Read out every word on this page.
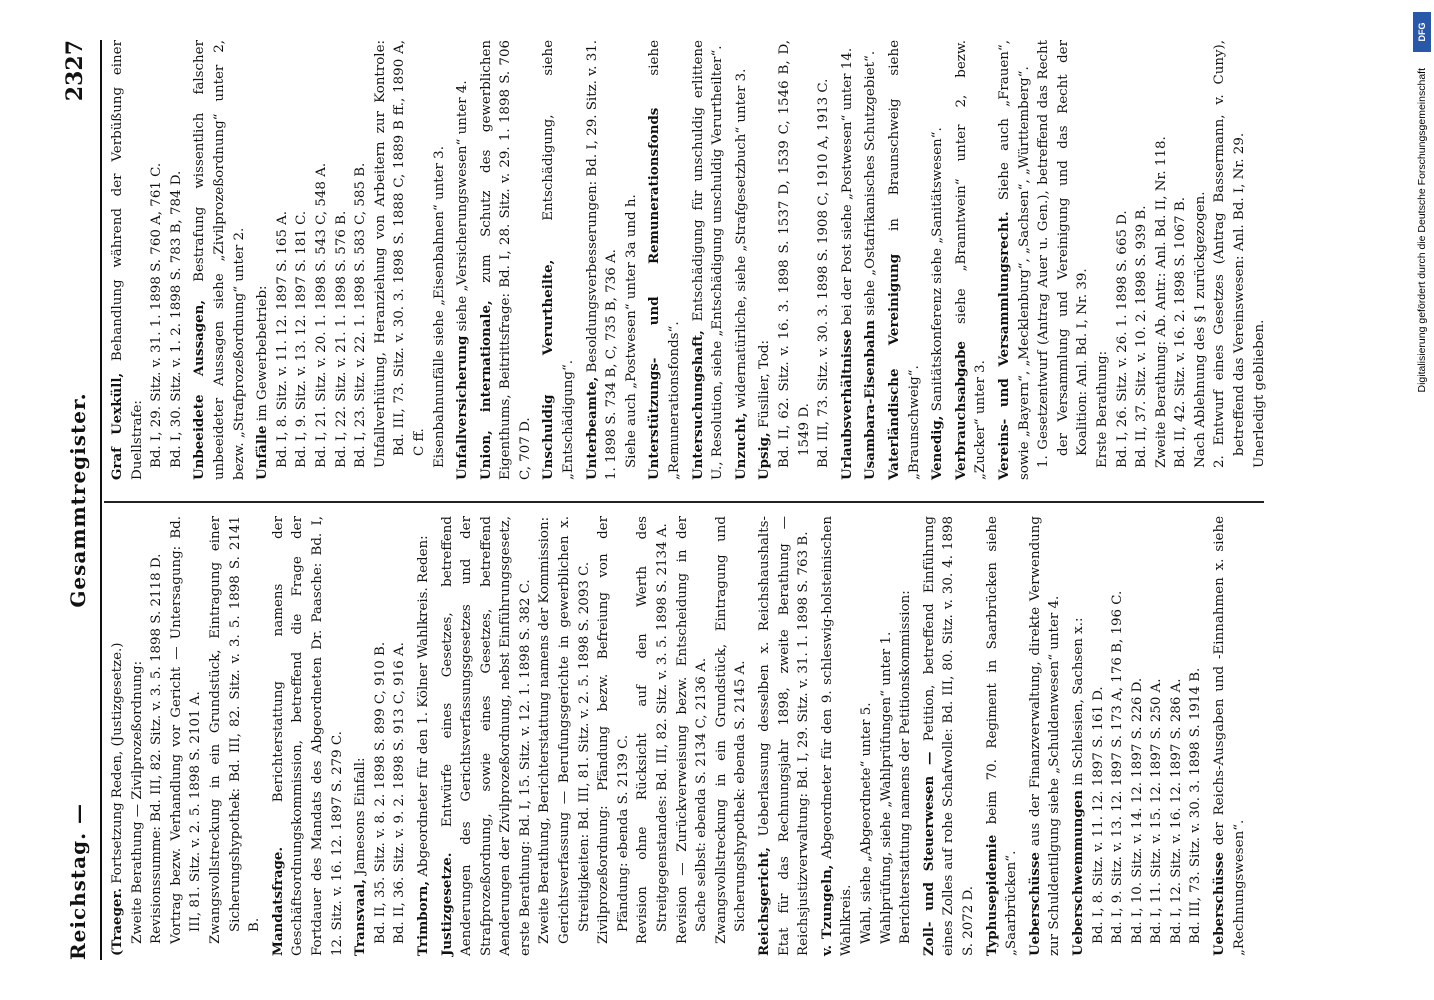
Reichstag. —
Gesammtregister.
2327
(Traeger. Fortsetzung Reden, (Justizgesetze.) Zweite Berathung — Zivilprozeßordnung: Revisionssumme: Bd. III, 82. Sitz. v. 3. 5. 1898 S. 2118 D. Vortrag bezw. Verhandlung vor Gericht — Untersagung: Bd. III, 81. Sitz. v. 2. 5. 1898 S. 2101 A. Zwangsvollstreckung in ein Grundstück, Eintragung einer Sicherungshypothek: Bd. III, 82. Sitz. v. 3. 5. 1898 S. 2141 B. Mandatsfrage. Berichterstattung namens der Geschäftsordnungskommission, betreffend die Frage der Fortdauer des Mandats des Abgeordneten Dr. Paasche: Bd. I, 12. Sitz. v. 16. 12. 1897 S. 279 C. Transvaal, Jamesons Einfall: Bd. II, 35. Sitz. v. 8. 2. 1898 S. 899 C, 910 B. Bd. II, 36. Sitz. v. 9. 2. 1898 S. 913 C, 916 A. Trimborn, Abgeordneter für den 1. Kölner Wahlkreis. Reden:
Justizgesetze. Entwürfe eines Gesetzes, betreffend Aenderungen des Gerichtsverfassungsgesetzes und der Strafprozeßordnung, sowie eines Gesetzes, betreffend Aenderungen der Zivilprozeßordnung, nebst Einführungsgesetz, erste Berathung: Bd. I, 15. Sitz. v. 12. 1. 1898 S. 382 C. Zweite Berathung, Berichterstattung namens der Kommission: Gerichtsverfassung — Berufungsgerichte in gewerblichen x. Streitigkeiten: Bd. III, 81. Sitz. v. 2. 5. 1898 S. 2093 C. Zivilprozeßordnung: Pfändung bezw. Befreiung von der Pfändung: ebenda S. 2139 C. Revision ohne Rücksicht auf den Werth des Streitgegenstandes: Bd. III, 82. Sitz. v. 3. 5. 1898 S. 2134 A. Revision — Zurückverweisung bezw. Entscheidung in der Sache selbst: ebenda S. 2134 C, 2136 A. Zwangsvollstreckung in ein Grundstück, Eintragung und Sicherungshypothek: ebenda S. 2145 A. Reichsgericht, Ueberlassung desselben x. Reichshaushalts-Etat für das Rechnungsjahr 1898, zweite Berathung — Reichsjustizverwaltung: Bd. I, 29. Sitz. v. 31. 1. 1898 S. 763 B. v. Tzungeln, Abgeordneter für den 9. schleswig-holsteinischen Wahlkreis. Wahl, siehe „Abgeordnete“ unter 5. Wahlprüfung, siehe „Wahlprüfungen“ unter 1. Berichterstattung namens der Petitionskommission: Zoll- und Steuerwesen — Petition, betreffend Einführung eines Zolles auf rohe Schafwolle: Bd. III, 80. Sitz. v. 30. 4. 1898 S. 2072 D. Typhusepidemie beim 70. Regiment in Saarbrücken siehe „Saarbrücken“. Ueberschüsse aus der Finanzverwaltung, direkte Verwendung zur Schuldentilgung siehe „Schuldenwesen“ unter 4. Ueberschwemmungen in Schlesien, Sachsen x.: Bd. I, 8. Sitz. v. 11. 12. 1897 S. 161 D. Bd. I, 9. Sitz. v. 13. 12. 1897 S. 173 A, 176 B, 196 C. Bd. I, 10. Sitz. v. 14. 12. 1897 S. 226 D. Bd. I, 11. Sitz. v. 15. 12. 1897 S. 250 A. Bd. I, 12. Sitz. v. 16. 12. 1897 S. 286 A. Bd. III, 73. Sitz. v. 30. 3. 1898 S. 1914 B. Ueberschüsse der Reichs-Ausgaben und -Einnahmen x. siehe „Rechnungswesen“.
Graf Uexküll, Behandlung während der Verbüßung einer Duellstrafe: Bd. I, 29. Sitz. v. 31. 1. 1898 S. 760 A, 761 C. Bd. I, 30. Sitz. v. 1. 2. 1898 S. 783 B, 784 D. Unbeeidete Aussagen, Bestrafung wissentlich falscher unbeeideter Aussagen siehe „Zivilprozeßordnung“ unter 2, bezw. „Strafprozeßordnung“ unter 2. Unfälle im Gewerbebetrieb: Bd. I, 8. Sitz. v. 11. 12. 1897 S. 165 A. Bd. I, 9. Sitz. v. 13. 12. 1897 S. 181 C. Bd. I, 21. Sitz. v. 20. 1. 1898 S. 543 C, 548 A. Bd. I, 22. Sitz. v. 21. 1. 1898 S. 576 B. Bd. I, 23. Sitz. v. 22. 1. 1898 S. 583 C, 585 B. Unfallverhütung, Heranziehung von Arbeitern zur Kontrole: Bd. III, 73. Sitz. v. 30. 3. 1898 S. 1888 C, 1889 B ff., 1890 A, C ff. Eisenbahnunfälle siehe „Eisenbahnen“ unter 3. Unfallversicherung siehe „Versicherungswesen“ unter 4.
Union, internationale, zum Schutz des gewerblichen Eigenthums, Beitrittsfrage: Bd. I, 28. Sitz. v. 29. 1. 1898 S. 706 C, 707 D. Unschuldig Verurtheilte, Entschädigung, siehe „Entschädigung“. Unterbeamte, Besoldungsverbesserungen: Bd. I, 29. Sitz. v. 31. 1. 1898 S. 734 B, C, 735 B, 736 A. Siehe auch „Postwesen“ unter 3a und h. Unterstützungs- und Remunerationsfonds siehe „Remunerationsfonds“. Untersuchungshaft, Entschädigung für unschuldig erlittene U., Resolution, siehe „Entschädigung unschuldig Verurtheilter“. Unzucht, widernatürliche, siehe „Strafgesetzbuch“ unter 3.
Upsig, Füsilier, Tod: Bd. II, 62. Sitz. v. 16. 3. 1898 S. 1537 D, 1539 C, 1546 B, D, 1549 D. Bd. III, 73. Sitz. v. 30. 3. 1898 S. 1908 C, 1910 A, 1913 C. Urlaubsverhältnisse bei der Post siehe „Postwesen“ unter 14.
Usambara-Eisenbahn siehe „Ostafrikanisches Schutzgebiet“.
Vaterländische Vereinigung in Braunschweig siehe „Braunschweig“. Venedig, Sanitätskonferenz siehe „Sanitätswesen“. Verbrauchsabgabe siehe „Branntwein“ unter 2, bezw. „Zucker“ unter 3. Vereins- und Versammlungsrecht. Siehe auch „Frauen“, sowie „Bayern“, „Mecklenburg“, „Sachsen“, „Württemberg“. 1. Gesetzentwurf (Antrag Auer u. Gen.), betreffend das Recht der Versammlung und Vereinigung und das Recht der Koalition: Anl. Bd. I, Nr. 39. Erste Berathung: Bd. I, 26. Sitz. v. 26. 1. 1898 S. 665 D. Bd. II, 37. Sitz. v. 10. 2. 1898 S. 939 B. Zweite Berathung: Ab. Antr.: Anl. Bd. II, Nr. 118. Bd. II, 42. Sitz. v. 16. 2. 1898 S. 1067 B. Nach Ablehnung des § 1 zurückgezogen. 2. Entwurf eines Gesetzes (Antrag Bassermann, v. Cuny), betreffend das Vereinswesen: Anl. Bd. I, Nr. 29. Unerledigt geblieben.
Digitalisierung gefördert durch die Deutsche Forschungsgemeinschaft
DFG
